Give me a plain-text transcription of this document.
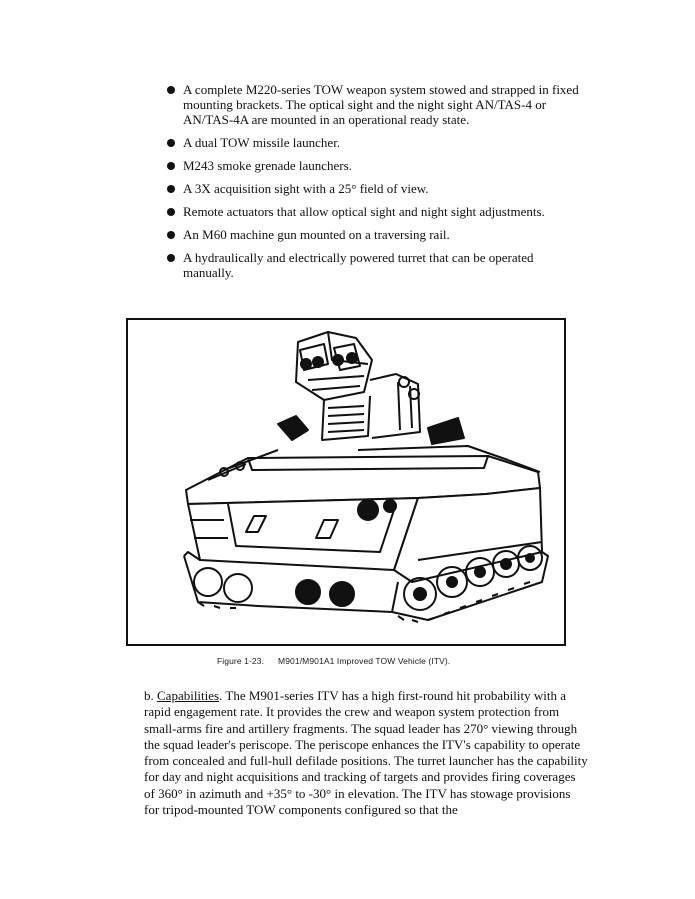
A complete M220-series TOW weapon system stowed and strapped in fixed mounting brackets. The optical sight and the night sight AN/TAS-4 or AN/TAS-4A are mounted in an operational ready state.
A dual TOW missile launcher.
M243 smoke grenade launchers.
A 3X acquisition sight with a 25° field of view.
Remote actuators that allow optical sight and night sight adjustments.
An M60 machine gun mounted on a traversing rail.
A hydraulically and electrically powered turret that can be operated manually.
Figure 1-23. M901/M901A1 Improved TOW Vehicle (ITV).

b. Capabilities. The M901-series ITV has a high first-round hit probability with a rapid engagement rate. It provides the crew and weapon system protection from small-arms fire and artillery fragments. The squad leader has 270° viewing through the squad leader's periscope. The periscope enhances the ITV's capability to operate from concealed and full-hull defilade positions. The turret launcher has the capability for day and night acquisitions and tracking of targets and provides firing coverages of 360° in azimuth and +35° to -30° in elevation. The ITV has stowage provisions for tripod-mounted TOW components configured so that the
